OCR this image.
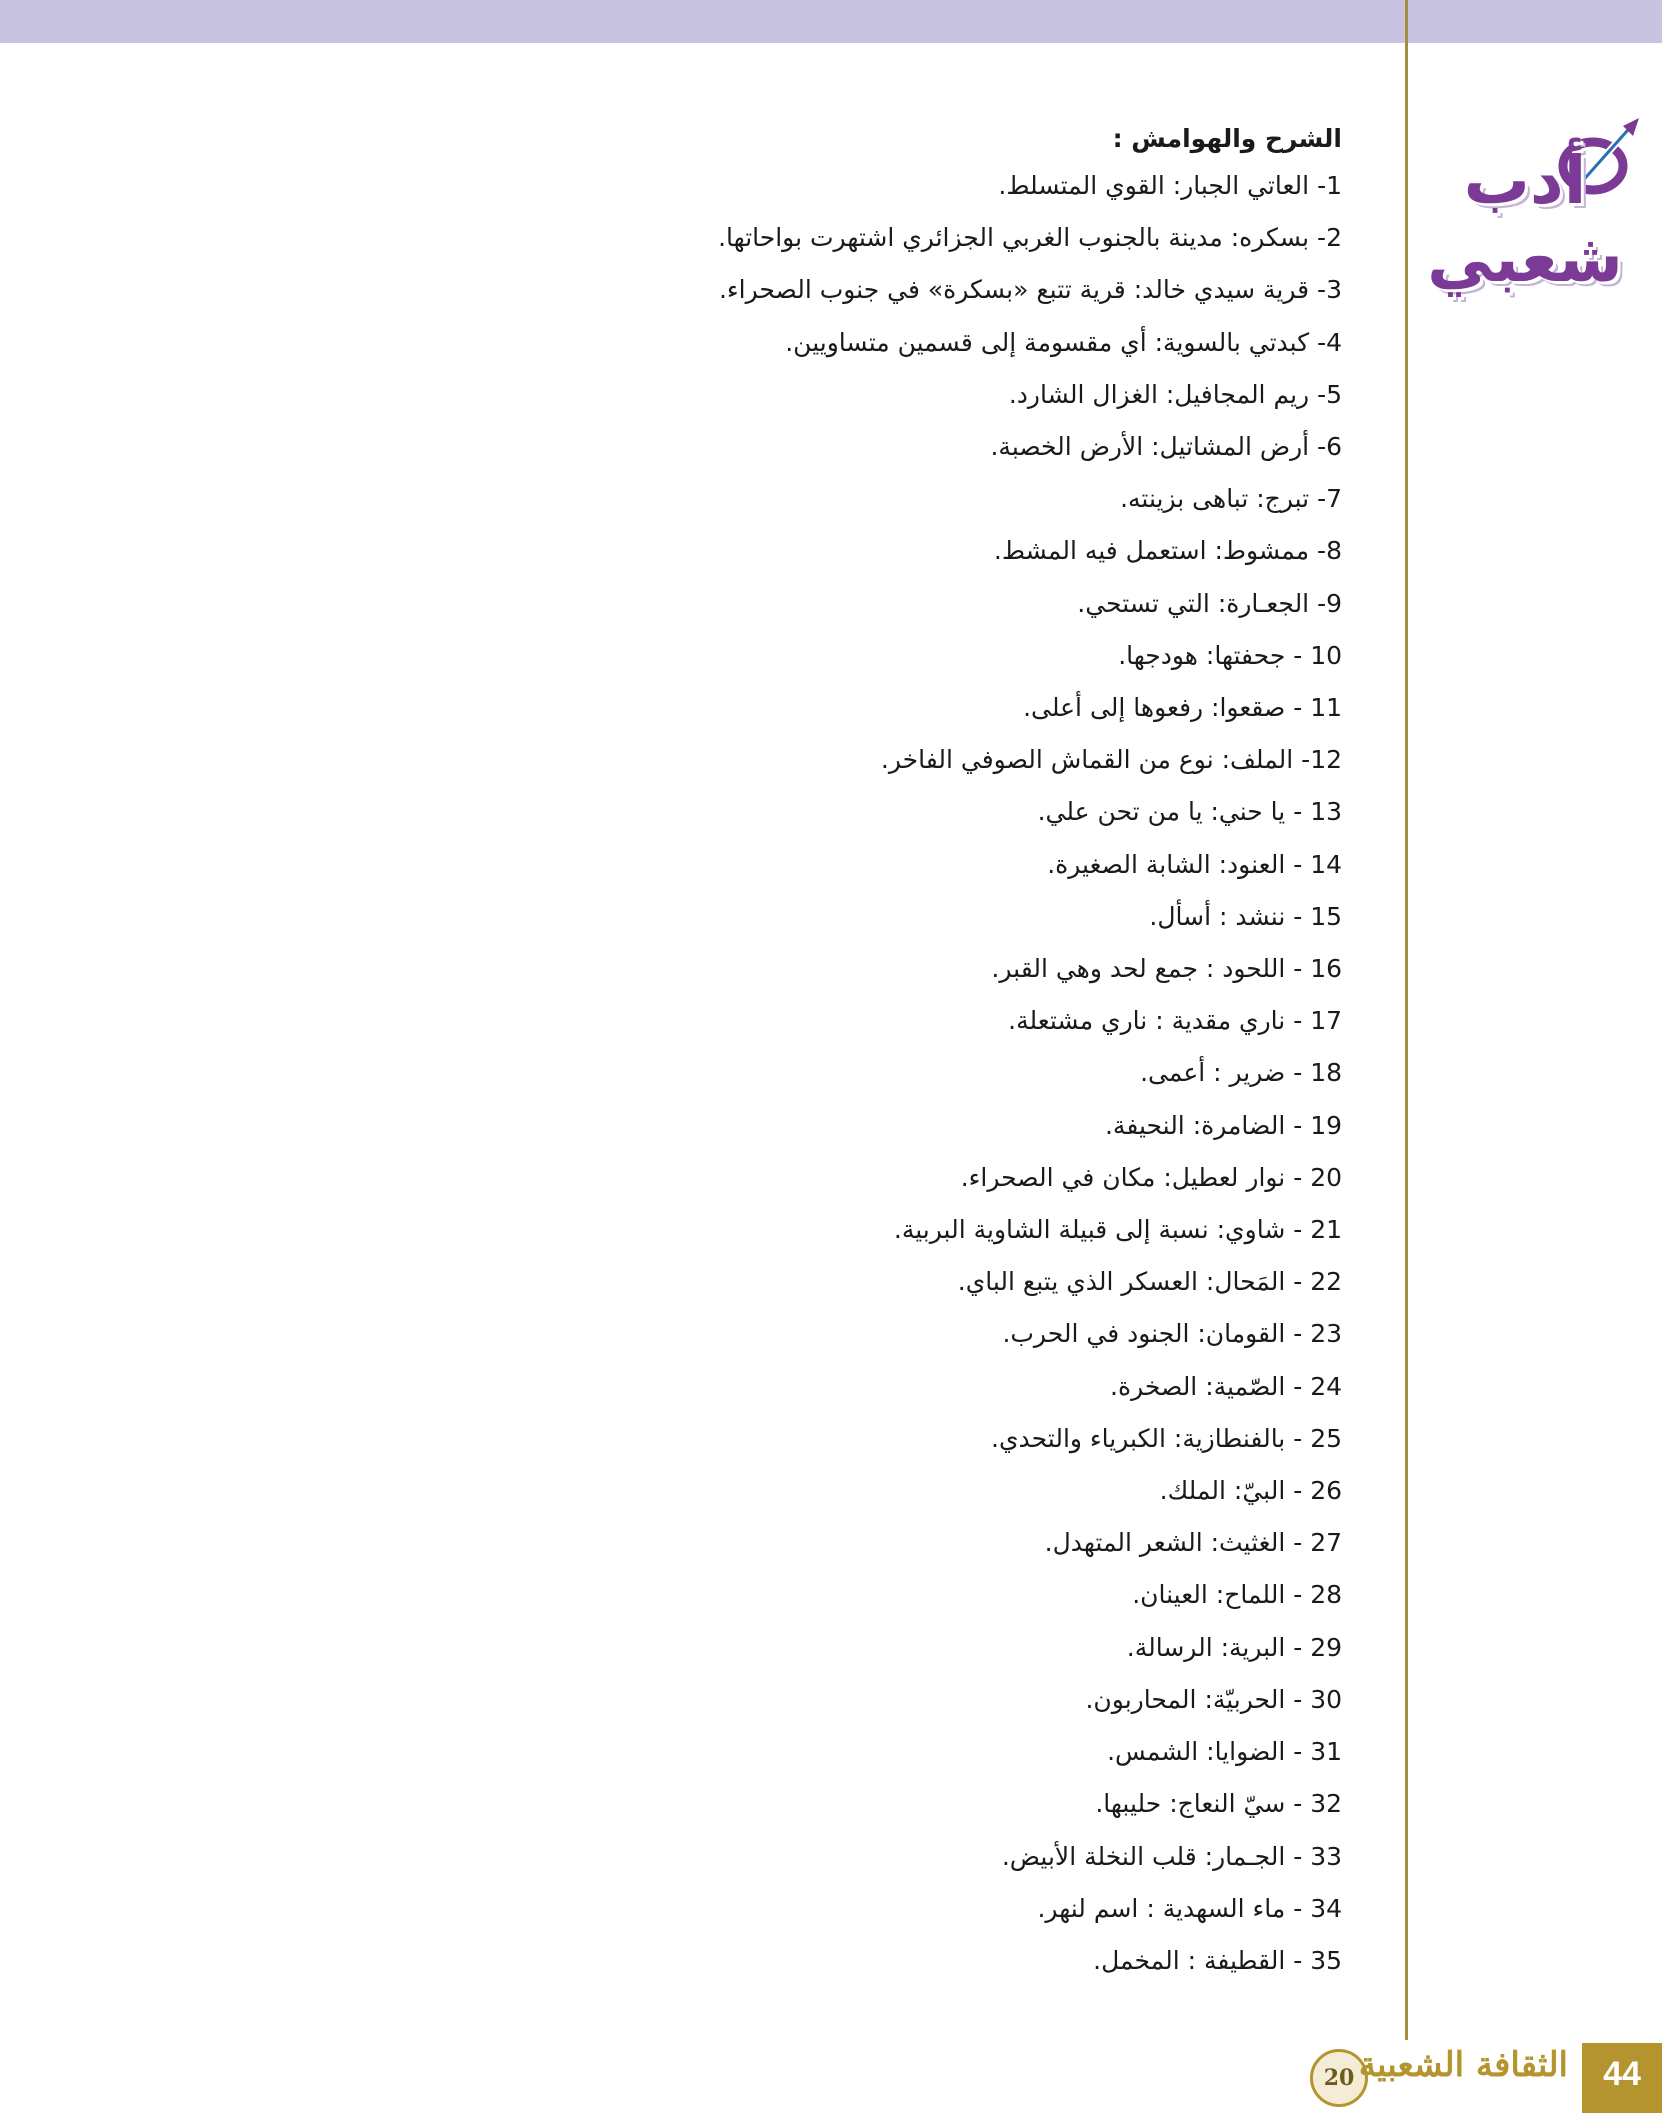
أدب
شعبي
الشرح والهوامش :
1- العاتي الجبار: القوي المتسلط.
2- بسكره: مدينة بالجنوب الغربي الجزائري اشتهرت بواحاتها.
3- قرية سيدي خالد: قرية تتبع «بسكرة» في جنوب الصحراء.
4- كبدتي بالسوية: أي مقسومة إلى قسمين متساويين.
5- ريم المجافيل: الغزال الشارد.
6- أرض المشاتيل: الأرض الخصبة.
7- تبرج: تباهى بزينته.
8- ممشوط: استعمل فيه المشط.
9- الجعـارة: التي تستحي.
10 - جحفتها: هودجها.
11 - صقعوا: رفعوها إلى أعلى.
12- الملف: نوع من القماش الصوفي الفاخر.
13 - يا حني: يا من تحن علي.
14 - العنود: الشابة الصغيرة.
15 - ننشد : أسأل.
16 - اللحود : جمع لحد وهي القبر.
17 - ناري مقدية : ناري مشتعلة.
18 - ضرير : أعمى.
19 - الضامرة: النحيفة.
20 - نوار لعطيل: مكان في الصحراء.
21 - شاوي: نسبة إلى قبيلة الشاوية البربية.
22 - المَحال: العسكر الذي يتبع الباي.
23 - القومان: الجنود في الحرب.
24 - الصّمية: الصخرة.
25 - بالفنطازية: الكبرياء والتحدي.
26 - البيّ: الملك.
27 - الغثيث: الشعر المتهدل.
28 - اللماح: العينان.
29 - البرية: الرسالة.
30 - الحربيّة: المحاربون.
31 - الضوايا: الشمس.
32 - سيّ النعاج: حليبها.
33 - الجـمار: قلب النخلة الأبيض.
34 - ماء السهدية : اسم لنهر.
35 - القطيفة : المخمل.
20 الثقافة الشعبية	44
